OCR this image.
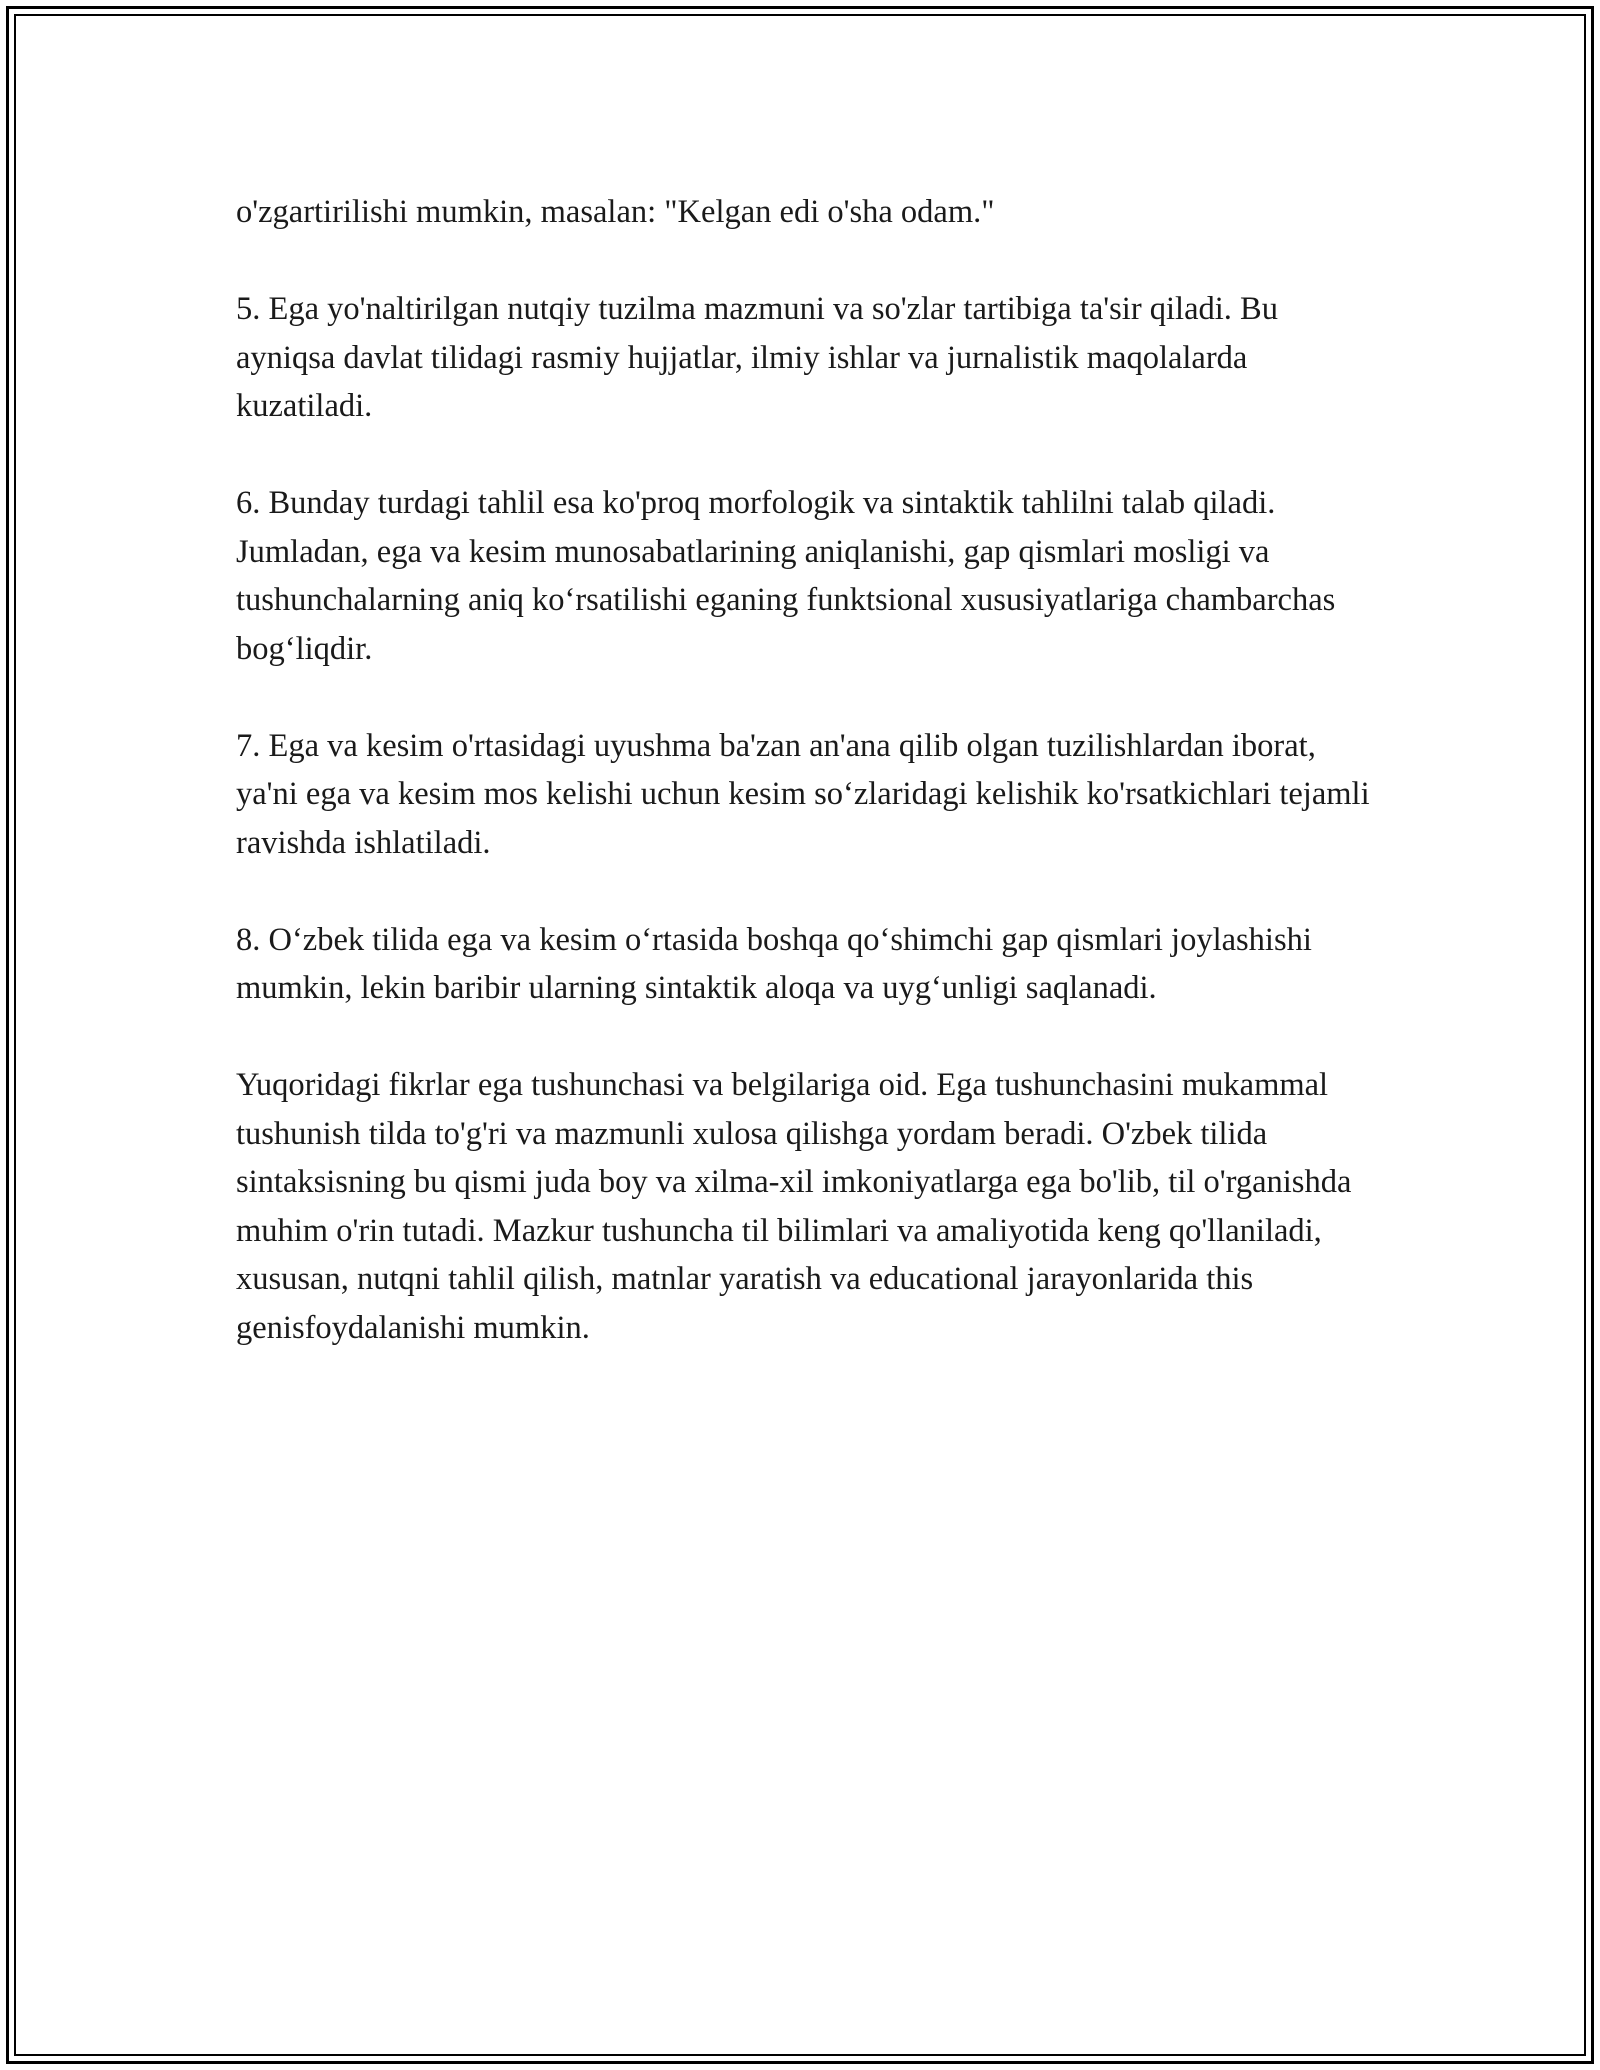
o'zgartirilishi mumkin, masalan: "Kelgan edi o'sha odam."

5. Ega yo'naltirilgan nutqiy tuzilma mazmuni va so'zlar tartibiga ta'sir qiladi. Bu ayniqsa davlat tilidagi rasmiy hujjatlar, ilmiy ishlar va jurnalistik maqolalarda kuzatiladi.

6. Bunday turdagi tahlil esa ko'proq morfologik va sintaktik tahlilni talab qiladi. Jumladan, ega va kesim munosabatlarining aniqlanishi, gap qismlari mosligi va tushunchalarning aniq ko‘rsatilishi eganing funktsional xususiyatlariga chambarchas bog‘liqdir.

7. Ega va kesim o'rtasidagi uyushma ba'zan an'ana qilib olgan tuzilishlardan iborat, ya'ni ega va kesim mos kelishi uchun kesim so‘zlaridagi kelishik ko'rsatkichlari tejamli ravishda ishlatiladi.

8. O‘zbek tilida ega va kesim o‘rtasida boshqa qo‘shimchi gap qismlari joylashishi mumkin, lekin baribir ularning sintaktik aloqa va uyg‘unligi saqlanadi.

Yuqoridagi fikrlar ega tushunchasi va belgilariga oid. Ega tushunchasini mukammal tushunish tilda to'g'ri va mazmunli xulosa qilishga yordam beradi. O'zbek tilida sintaksisning bu qismi juda boy va xilma-xil imkoniyatlarga ega bo'lib, til o'rganishda muhim o'rin tutadi. Mazkur tushuncha til bilimlari va amaliyotida keng qo'llaniladi, xususan, nutqni tahlil qilish, matnlar yaratish va educational jarayonlarida this genisfoydalanishi mumkin.
